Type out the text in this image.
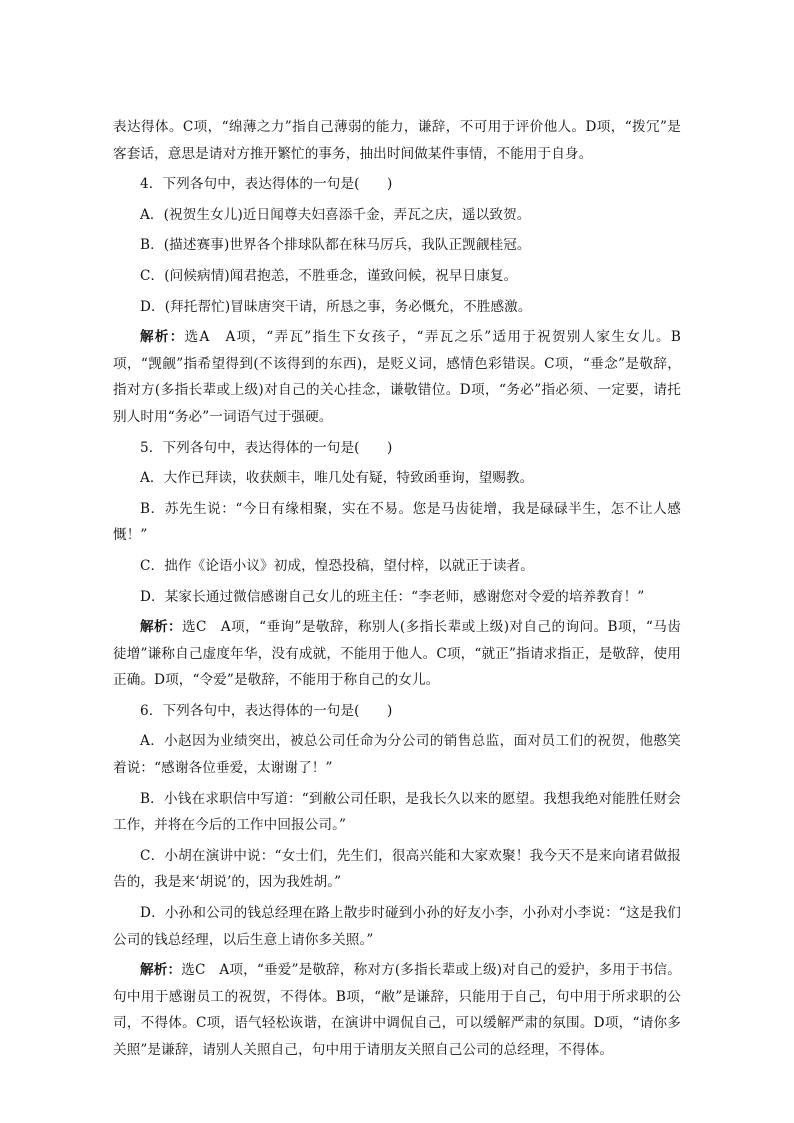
表达得体。C项，“绵薄之力”指自己薄弱的能力，谦辞，不可用于评价他人。D项，“拨冗”是客套话，意思是请对方推开繁忙的事务，抽出时间做某件事情，不能用于自身。

4．下列各句中，表达得体的一句是(　　)

A．(祝贺生女儿)近日闻尊夫妇喜添千金，弄瓦之庆，遥以致贺。

B．(描述赛事)世界各个排球队都在秣马厉兵，我队正觊觎桂冠。

C．(问候病情)闻君抱恙，不胜垂念，谨致问候，祝早日康复。

D．(拜托帮忙)冒昧唐突干请，所恳之事，务必慨允，不胜感激。

解析：选A　A项，“弄瓦”指生下女孩子，“弄瓦之乐”适用于祝贺别人家生女儿。B项，“觊觎”指希望得到(不该得到的东西)，是贬义词，感情色彩错误。C项，“垂念”是敬辞，指对方(多指长辈或上级)对自己的关心挂念，谦敬错位。D项，“务必”指必须、一定要，请托别人时用“务必”一词语气过于强硬。

5．下列各句中，表达得体的一句是(　　)

A．大作已拜读，收获颇丰，唯几处有疑，特致函垂询，望赐教。

B．苏先生说：“今日有缘相聚，实在不易。您是马齿徒增，我是碌碌半生，怎不让人感慨！”

C．拙作《论语小议》初成，惶恐投稿，望付梓，以就正于读者。

D．某家长通过微信感谢自己女儿的班主任：“李老师，感谢您对令爱的培养教育！”

解析：选C　A项，“垂询”是敬辞，称别人(多指长辈或上级)对自己的询问。B项，“马齿徒增”谦称自己虚度年华，没有成就，不能用于他人。C项，“就正”指请求指正，是敬辞，使用正确。D项，“令爱”是敬辞，不能用于称自己的女儿。

6．下列各句中，表达得体的一句是(　　)

A．小赵因为业绩突出，被总公司任命为分公司的销售总监，面对员工们的祝贺，他憨笑着说：“感谢各位垂爱，太谢谢了！”

B．小钱在求职信中写道：“到敝公司任职，是我长久以来的愿望。我想我绝对能胜任财会工作，并将在今后的工作中回报公司。”

C．小胡在演讲中说：“女士们，先生们，很高兴能和大家欢聚！我今天不是来向诸君做报告的，我是来‘胡说’的，因为我姓胡。”

D．小孙和公司的钱总经理在路上散步时碰到小孙的好友小李，小孙对小李说：“这是我们公司的钱总经理，以后生意上请你多关照。”

解析：选C　A项，“垂爱”是敬辞，称对方(多指长辈或上级)对自己的爱护，多用于书信。句中用于感谢员工的祝贺，不得体。B项，“敝”是谦辞，只能用于自己，句中用于所求职的公司，不得体。C项，语气轻松诙谐，在演讲中调侃自己，可以缓解严肃的氛围。D项，“请你多关照”是谦辞，请别人关照自己，句中用于请朋友关照自己公司的总经理，不得体。
